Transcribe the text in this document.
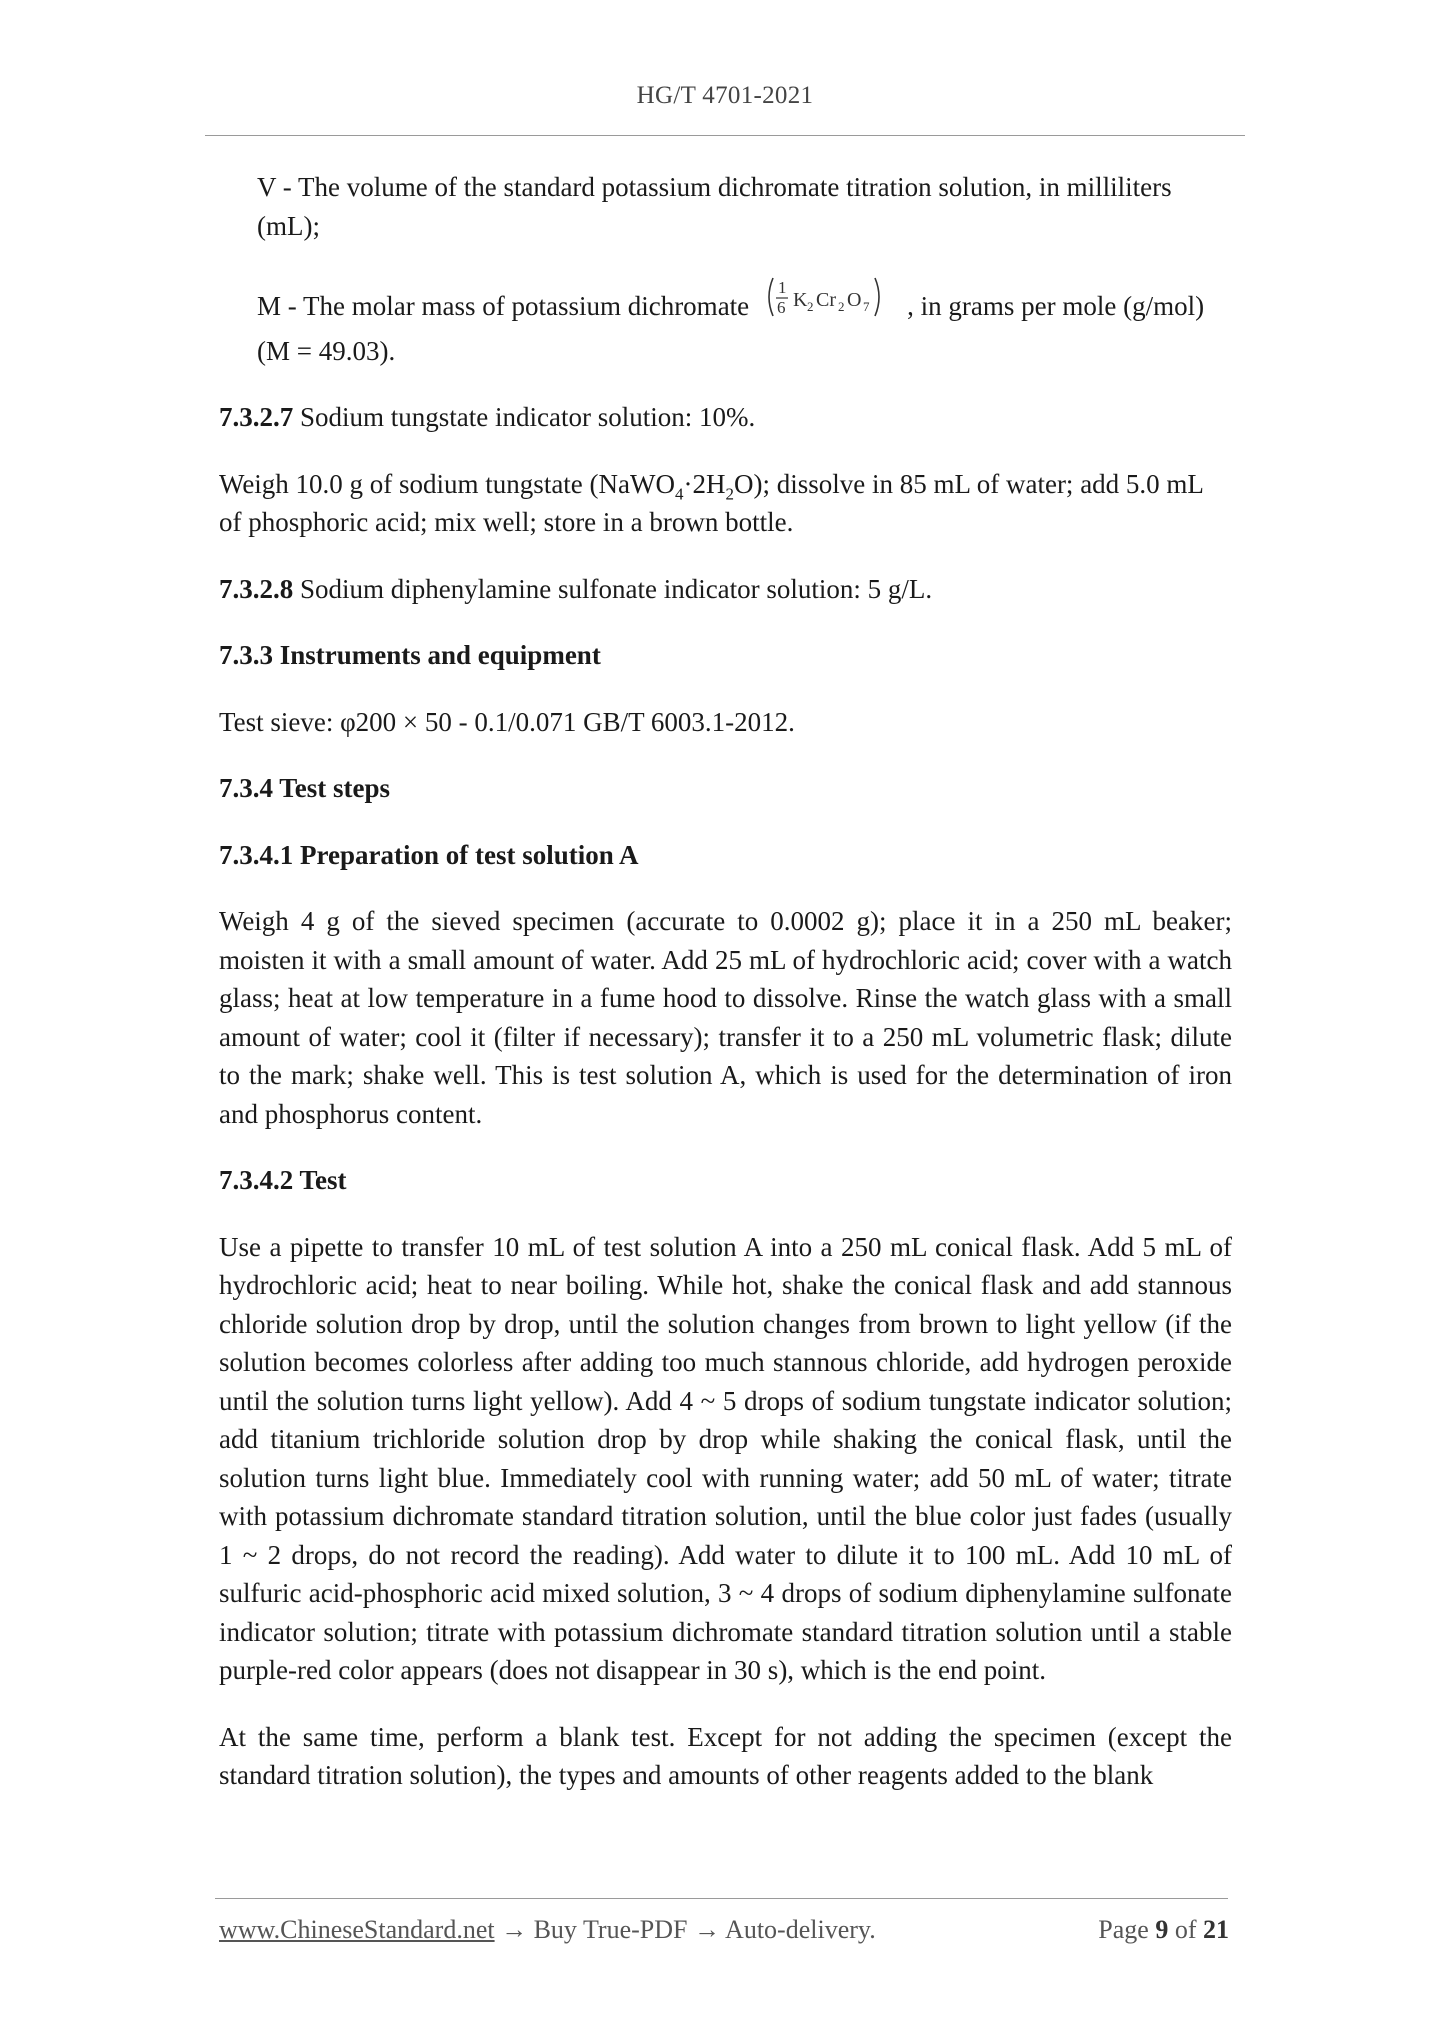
HG/T 4701-2021

V - The volume of the standard potassium dichromate titration solution, in milliliters (mL);

M - The molar mass of potassium dichromate
1
6 K 2 Cr 2 O 7 , in grams per mole (g/mol) (M = 49.03).

7.3.2.7 Sodium tungstate indicator solution: 10%.

Weigh 10.0 g of sodium tungstate $(NaWO_4\cdot 2H_2O)$; dissolve in 85 mL of water; add 5.0 mL of phosphoric acid; mix well; store in a brown bottle.

7.3.2.8 Sodium diphenylamine sulfonate indicator solution: 5 g/L.

7.3.3 Instruments and equipment

Test sieve: φ200 × 50 - 0.1/0.071 GB/T 6003.1-2012.

7.3.4 Test steps

7.3.4.1 Preparation of test solution A

Weigh 4 g of the sieved specimen (accurate to 0.0002 g); place it in a 250 mL beaker; moisten it with a small amount of water. Add 25 mL of hydrochloric acid; cover with a watch glass; heat at low temperature in a fume hood to dissolve. Rinse the watch glass with a small amount of water; cool it (filter if necessary); transfer it to a 250 mL volumetric flask; dilute to the mark; shake well. This is test solution A, which is used for the determination of iron and phosphorus content.

7.3.4.2 Test

Use a pipette to transfer 10 mL of test solution A into a 250 mL conical flask. Add 5 mL of hydrochloric acid; heat to near boiling. While hot, shake the conical flask and add stannous chloride solution drop by drop, until the solution changes from brown to light yellow (if the solution becomes colorless after adding too much stannous chloride, add hydrogen peroxide until the solution turns light yellow). Add 4 ~ 5 drops of sodium tungstate indicator solution; add titanium trichloride solution drop by drop while shaking the conical flask, until the solution turns light blue. Immediately cool with running water; add 50 mL of water; titrate with potassium dichromate standard titration solution, until the blue color just fades (usually 1 ~ 2 drops, do not record the reading). Add water to dilute it to 100 mL. Add 10 mL of sulfuric acid-phosphoric acid mixed solution, 3 ~ 4 drops of sodium diphenylamine sulfonate indicator solution; titrate with potassium dichromate standard titration solution until a stable purple-red color appears (does not disappear in 30 s), which is the end point.

At the same time, perform a blank test. Except for not adding the specimen (except the standard titration solution), the types and amounts of other reagents added to the blank

www.ChineseStandard.net → Buy True-PDF → Auto-delivery.	Page 9 of 21
